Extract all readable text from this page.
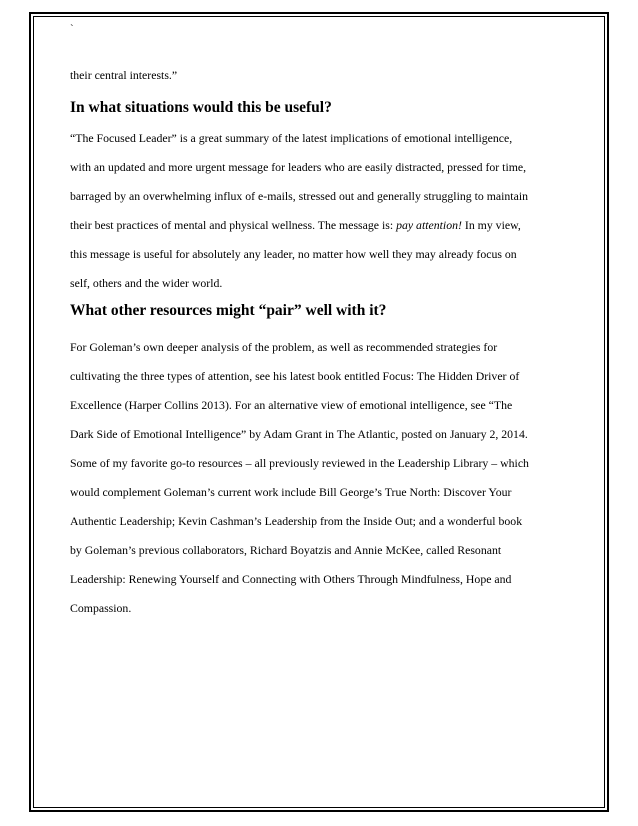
`

their central interests.”

In what situations would this be useful?

“The Focused Leader” is a great summary of the latest implications of emotional intelligence,
with an updated and more urgent message for leaders who are easily distracted, pressed for time,
barraged by an overwhelming influx of e-mails, stressed out and generally struggling to maintain
their best practices of mental and physical wellness. The message is: pay attention! In my view,
this message is useful for absolutely any leader, no matter how well they may already focus on
self, others and the wider world.

What other resources might “pair” well with it?

For Goleman’s own deeper analysis of the problem, as well as recommended strategies for
cultivating the three types of attention, see his latest book entitled Focus: The Hidden Driver of
Excellence (Harper Collins 2013). For an alternative view of emotional intelligence, see “The
Dark Side of Emotional Intelligence” by Adam Grant in The Atlantic, posted on January 2, 2014.
Some of my favorite go-to resources – all previously reviewed in the Leadership Library – which
would complement Goleman’s current work include Bill George’s True North: Discover Your
Authentic Leadership; Kevin Cashman’s Leadership from the Inside Out; and a wonderful book
by Goleman’s previous collaborators, Richard Boyatzis and Annie McKee, called Resonant
Leadership: Renewing Yourself and Connecting with Others Through Mindfulness, Hope and
Compassion.
